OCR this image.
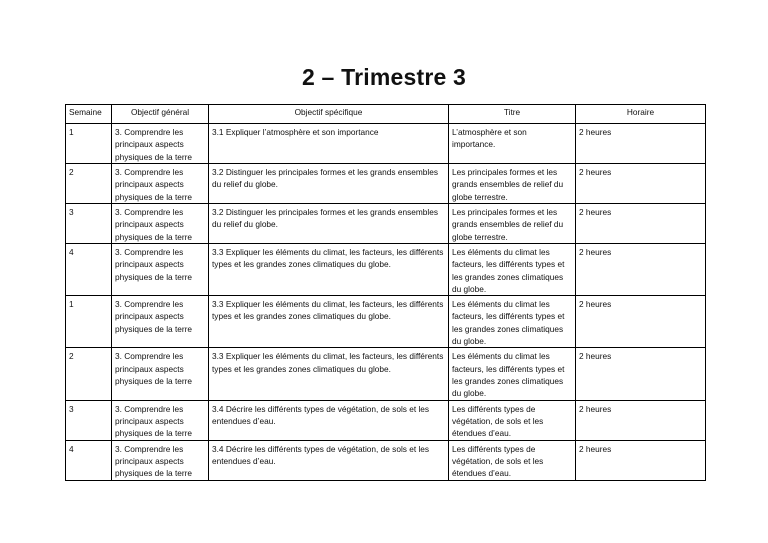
2 – Trimestre 3
Semaine	Objectif général	Objectif spécifique	Titre	Horaire
1	3. Comprendre les principaux aspects physiques de la terre	3.1 Expliquer l’atmosphère et son importance	L’atmosphère et son importance.	2 heures
2	3. Comprendre les principaux aspects physiques de la terre	3.2 Distinguer les principales formes et les grands ensembles du relief du globe.	Les principales formes et les grands ensembles de relief du globe terrestre.	2 heures
3	3. Comprendre les principaux aspects physiques de la terre	3.2 Distinguer les principales formes et les grands ensembles du relief du globe.	Les principales formes et les grands ensembles de relief du globe terrestre.	2 heures
4	3. Comprendre les principaux aspects physiques de la terre	3.3 Expliquer les éléments du climat, les facteurs, les différents types et les grandes zones climatiques du globe.	Les éléments du climat les facteurs, les différents types et les grandes zones climatiques du globe.	2 heures
1	3. Comprendre les principaux aspects physiques de la terre	3.3 Expliquer les éléments du climat, les facteurs, les différents types et les grandes zones climatiques du globe.	Les éléments du climat les facteurs, les différents types et les grandes zones climatiques du globe.	2 heures
2	3. Comprendre les principaux aspects physiques de la terre	3.3 Expliquer les éléments du climat, les facteurs, les différents types et les grandes zones climatiques du globe.	Les éléments du climat les facteurs, les différents types et les grandes zones climatiques du globe.	2 heures
3	3. Comprendre les principaux aspects physiques de la terre	3.4 Décrire les différents types de végétation, de sols et les entendues d’eau.	Les différents types de végétation, de sols et les étendues d’eau.	2 heures
4	3. Comprendre les principaux aspects physiques de la terre	3.4 Décrire les différents types de végétation, de sols et les entendues d’eau.	Les différents types de végétation, de sols et les étendues d’eau.	2 heures
